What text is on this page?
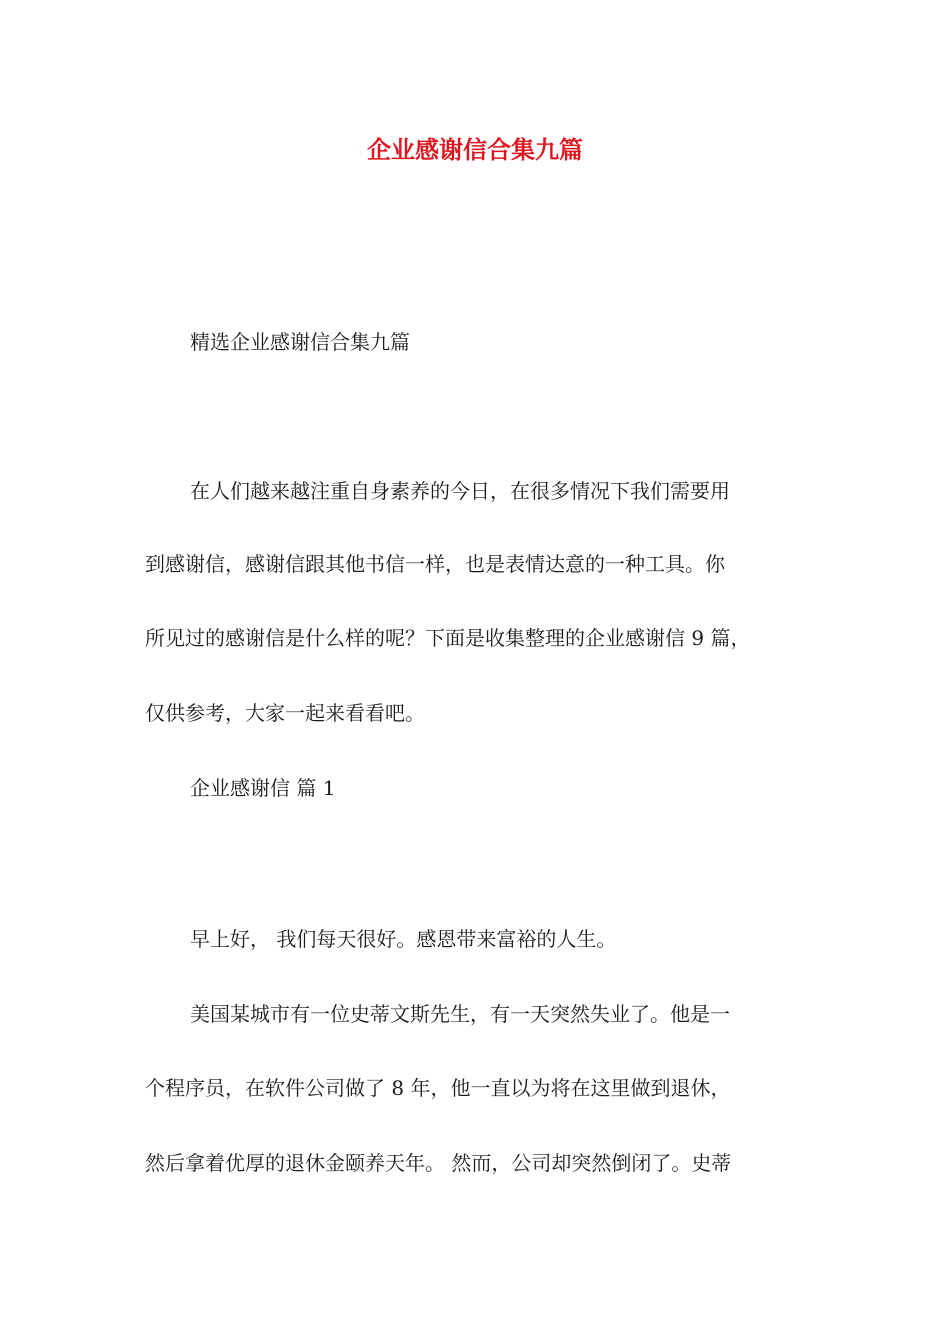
企业感谢信合集九篇

精选企业感谢信合集九篇

在人们越来越注重自身素养的今日，在很多情况下我们需要用

到感谢信，感谢信跟其他书信一样，也是表情达意的一种工具。你

所见过的感谢信是什么样的呢？下面是收集整理的企业感谢信 9 篇，

仅供参考，大家一起来看看吧。

企业感谢信 篇 1

早上好， 我们每天很好。感恩带来富裕的人生。

美国某城市有一位史蒂文斯先生，有一天突然失业了。他是一

个程序员，在软件公司做了 8 年，他一直以为将在这里做到退休，

然后拿着优厚的退休金颐养天年。 然而，公司却突然倒闭了。史蒂
